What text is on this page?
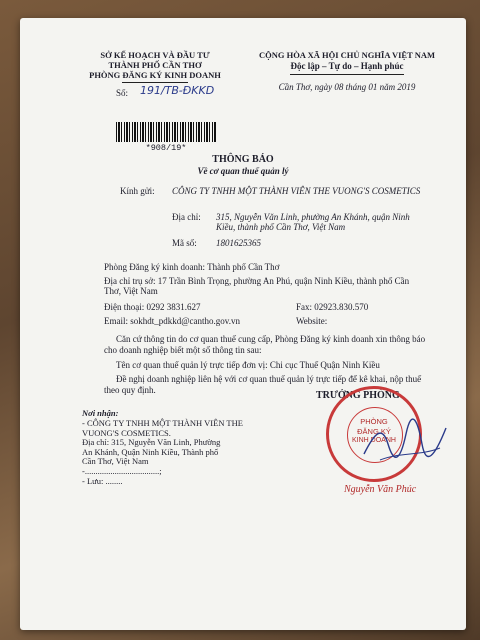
SỞ KẾ HOẠCH VÀ ĐẦU TƯ
THÀNH PHỐ CẦN THƠ
PHÒNG ĐĂNG KÝ KINH DOANH
CỘNG HÒA XÃ HỘI CHỦ NGHĨA VIỆT NAM
Độc lập – Tự do – Hạnh phúc
Cần Thơ, ngày 08 tháng 01 năm 2019
Số: 191/TB-ĐKKD
*908/19*
THÔNG BÁO
Về cơ quan thuế quản lý
Kính gửi: CÔNG TY TNHH MỘT THÀNH VIÊN THE VUONG'S COSMETICS
Địa chỉ: 315, Nguyễn Văn Linh, phường An Khánh, quận Ninh Kiều, thành phố Cần Thơ, Việt Nam
Mã số: 1801625365
Phòng Đăng ký kinh doanh: Thành phố Cần Thơ
Địa chỉ trụ sở: 17 Trần Bình Trọng, phường An Phú, quận Ninh Kiều, thành phố Cần Thơ, Việt Nam
Điện thoại: 0292 3831.627	Fax: 02923.830.570
Email: sokhdt_pdkkd@cantho.gov.vn	Website:
Căn cứ thông tin do cơ quan thuế cung cấp, Phòng Đăng ký kinh doanh xin thông báo cho doanh nghiệp biết một số thông tin sau:
Tên cơ quan thuế quản lý trực tiếp đơn vị: Chi cục Thuế Quận Ninh Kiều
Đề nghị doanh nghiệp liên hệ với cơ quan thuế quản lý trực tiếp để kê khai, nộp thuế theo quy định.
Nơi nhận:
- CÔNG TY TNHH MỘT THÀNH VIÊN THE VUONG'S COSMETICS.
Địa chỉ: 315, Nguyễn Văn Linh, Phường An Khánh, Quận Ninh Kiều, Thành phố Cần Thơ, Việt Nam
-...................................;
- Lưu: ........
TRƯỞNG PHÒNG
PHÒNG
ĐĂNG KÝ
KINH DOANH
Nguyễn Văn Phúc
